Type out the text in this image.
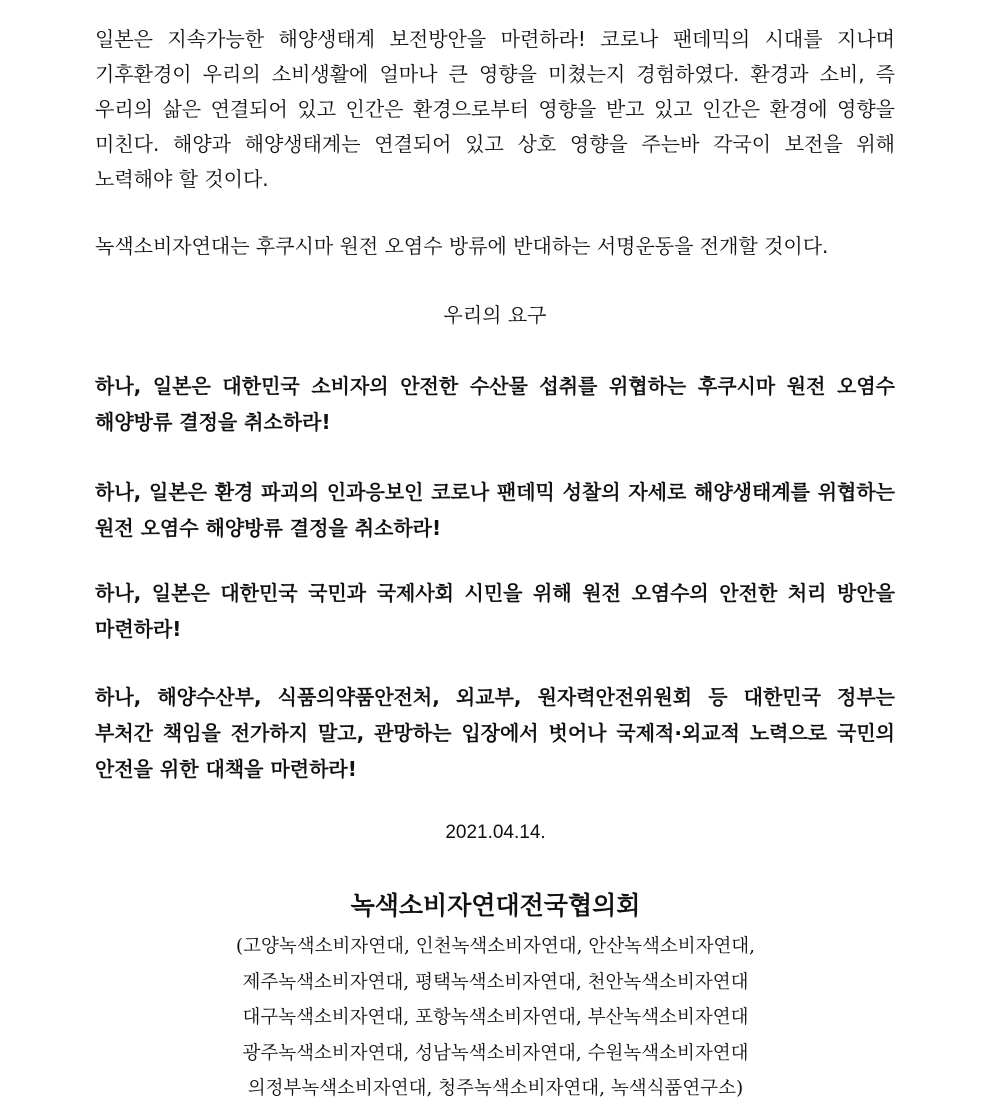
일본은 지속가능한 해양생태계 보전방안을 마련하라! 코로나 팬데믹의 시대를 지나며 기후환경이 우리의 소비생활에 얼마나 큰 영향을 미쳤는지 경험하였다. 환경과 소비, 즉 우리의 삶은 연결되어 있고 인간은 환경으로부터 영향을 받고 있고 인간은 환경에 영향을 미친다. 해양과 해양생태계는 연결되어 있고 상호 영향을 주는바 각국이 보전을 위해 노력해야 할 것이다.
녹색소비자연대는 후쿠시마 원전 오염수 방류에 반대하는 서명운동을 전개할 것이다.
우리의 요구
하나, 일본은 대한민국 소비자의 안전한 수산물 섭취를 위협하는 후쿠시마 원전 오염수 해양방류 결정을 취소하라!
하나, 일본은 환경 파괴의 인과응보인 코로나 팬데믹 성찰의 자세로 해양생태계를 위협하는 원전 오염수 해양방류 결정을 취소하라!
하나, 일본은 대한민국 국민과 국제사회 시민을 위해 원전 오염수의 안전한 처리 방안을 마련하라!
하나, 해양수산부, 식품의약품안전처, 외교부, 원자력안전위원회 등 대한민국 정부는 부처간 책임을 전가하지 말고, 관망하는 입장에서 벗어나 국제적·외교적 노력으로 국민의 안전을 위한 대책을 마련하라!
2021.04.14.
녹색소비자연대전국협의회
(고양녹색소비자연대, 인천녹색소비자연대, 안산녹색소비자연대,
제주녹색소비자연대, 평택녹색소비자연대, 천안녹색소비자연대
대구녹색소비자연대, 포항녹색소비자연대, 부산녹색소비자연대
광주녹색소비자연대, 성남녹색소비자연대, 수원녹색소비자연대
의정부녹색소비자연대, 청주녹색소비자연대, 녹색식품연구소)
